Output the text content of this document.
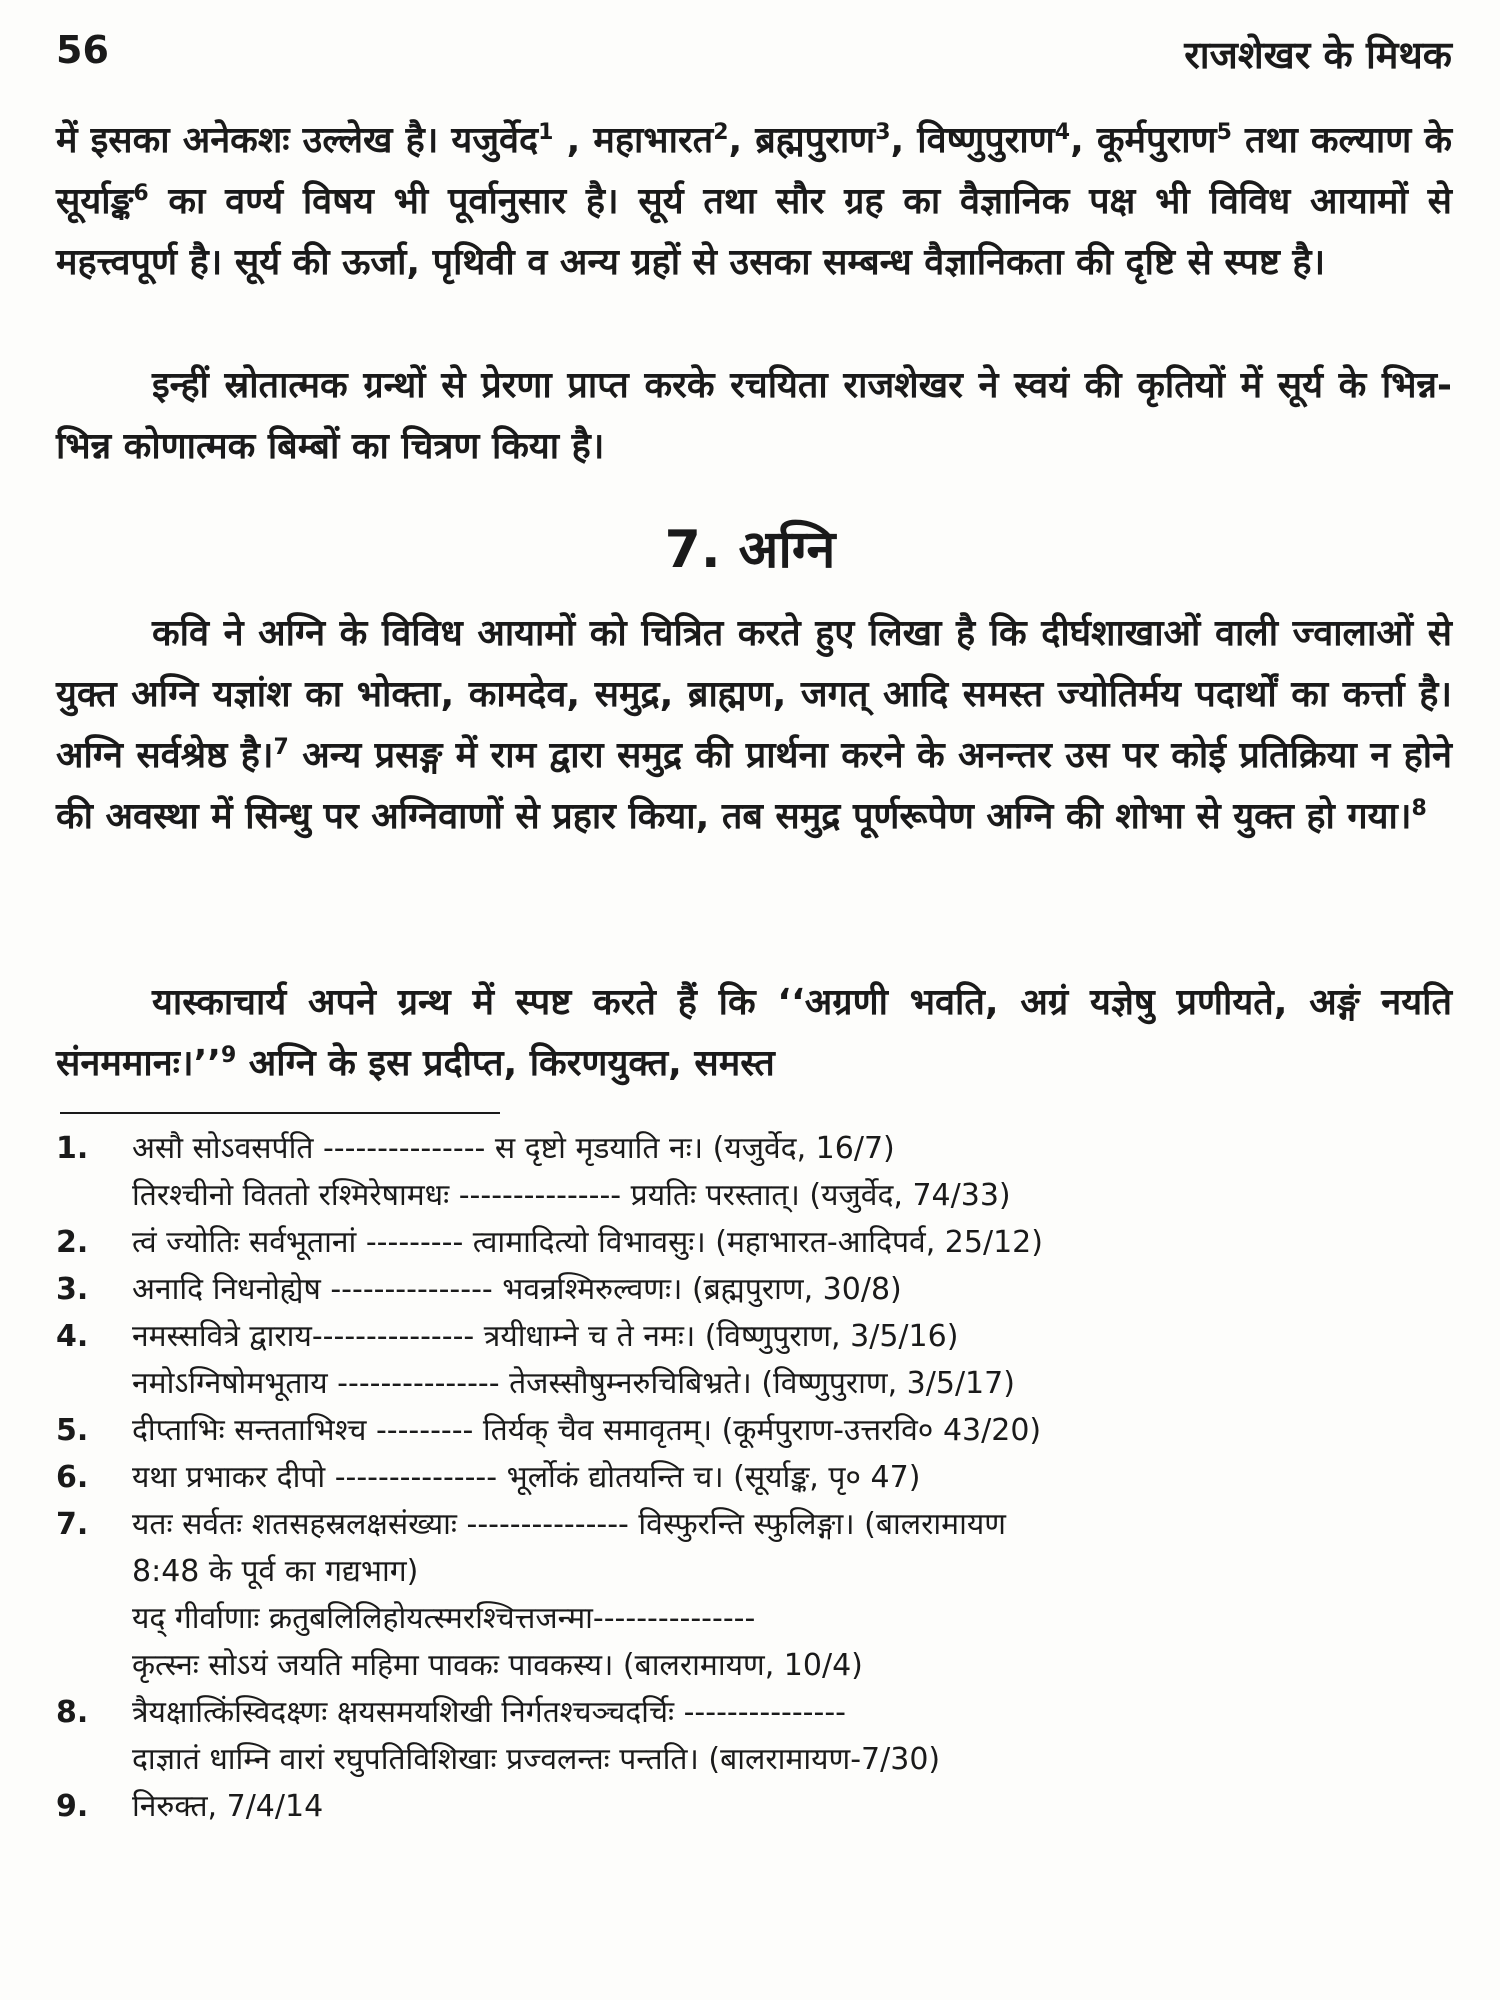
56	राजशेखर के मिथक

में इसका अनेकशः उल्लेख है। यजुर्वेद$^1$ , महाभारत$^2$, ब्रह्मपुराण$^3$, विष्णुपुराण$^4$, कूर्मपुराण$^5$ तथा कल्याण के सूर्याङ्क$^6$ का वर्ण्य विषय भी पूर्वानुसार है। सूर्य तथा सौर ग्रह का वैज्ञानिक पक्ष भी विविध आयामों से महत्त्वपूर्ण है। सूर्य की ऊर्जा, पृथिवी व अन्य ग्रहों से उसका सम्बन्ध वैज्ञानिकता की दृष्टि से स्पष्ट है।

इन्हीं स्रोतात्मक ग्रन्थों से प्रेरणा प्राप्त करके रचयिता राजशेखर ने स्वयं की कृतियों में सूर्य के भिन्न-भिन्न कोणात्मक बिम्बों का चित्रण किया है।

7. अग्नि

कवि ने अग्नि के विविध आयामों को चित्रित करते हुए लिखा है कि दीर्घशाखाओं वाली ज्वालाओं से युक्त अग्नि यज्ञांश का भोक्ता, कामदेव, समुद्र, ब्राह्मण, जगत् आदि समस्त ज्योतिर्मय पदार्थों का कर्त्ता है। अग्नि सर्वश्रेष्ठ है।$^7$ अन्य प्रसङ्ग में राम द्वारा समुद्र की प्रार्थना करने के अनन्तर उस पर कोई प्रतिक्रिया न होने की अवस्था में सिन्धु पर अग्निवाणों से प्रहार किया, तब समुद्र पूर्णरूपेण अग्नि की शोभा से युक्त हो गया।$^8$

यास्काचार्य अपने ग्रन्थ में स्पष्ट करते हैं कि ‘‘अग्रणी भवति, अग्रं यज्ञेषु प्रणीयते, अङ्गं नयति संनममानः।’’$^9$ अग्नि के इस प्रदीप्त, किरणयुक्त, समस्त

1.	असौ सोऽवसर्पति --------------- स दृष्टो मृडयाति नः। (यजुर्वेद, 16/7)
तिरश्चीनो विततो रश्मिरेषामधः --------------- प्रयतिः परस्तात्। (यजुर्वेद, 74/33)
2.	त्वं ज्योतिः सर्वभूतानां --------- त्वामादित्यो विभावसुः। (महाभारत-आदिपर्व, 25/12)
3.	अनादि निधनोह्येष --------------- भवन्रश्मिरुल्वणः। (ब्रह्मपुराण, 30/8)
4.	नमस्सवित्रे द्वाराय--------------- त्रयीधाम्ने च ते नमः। (विष्णुपुराण, 3/5/16)
नमोऽग्निषोमभूताय --------------- तेजस्सौषुम्नरुचिबिभ्रते। (विष्णुपुराण, 3/5/17)
5.	दीप्ताभिः सन्तताभिश्च --------- तिर्यक् चैव समावृतम्। (कूर्मपुराण-उत्तरवि० 43/20)
6.	यथा प्रभाकर दीपो --------------- भूर्लोकं द्योतयन्ति च। (सूर्याङ्क, पृ० 47)
7.	यतः सर्वतः शतसहस्रलक्षसंख्याः --------------- विस्फुरन्ति स्फुलिङ्गा। (बालरामायण
8:48 के पूर्व का गद्यभाग)
यद् गीर्वाणाः क्रतुबलिलिहोयत्स्मरश्चित्तजन्मा---------------
कृत्स्नः सोऽयं जयति महिमा पावकः पावकस्य। (बालरामायण, 10/4)
8.	त्रैयक्षात्किंस्विदक्ष्णः क्षयसमयशिखी निर्गतश्चञ्चदर्चिः ---------------
दाज्ञातं धाम्नि वारां रघुपतिविशिखाः प्रज्वलन्तः पन्तति। (बालरामायण-7/30)
9.	निरुक्त, 7/4/14
